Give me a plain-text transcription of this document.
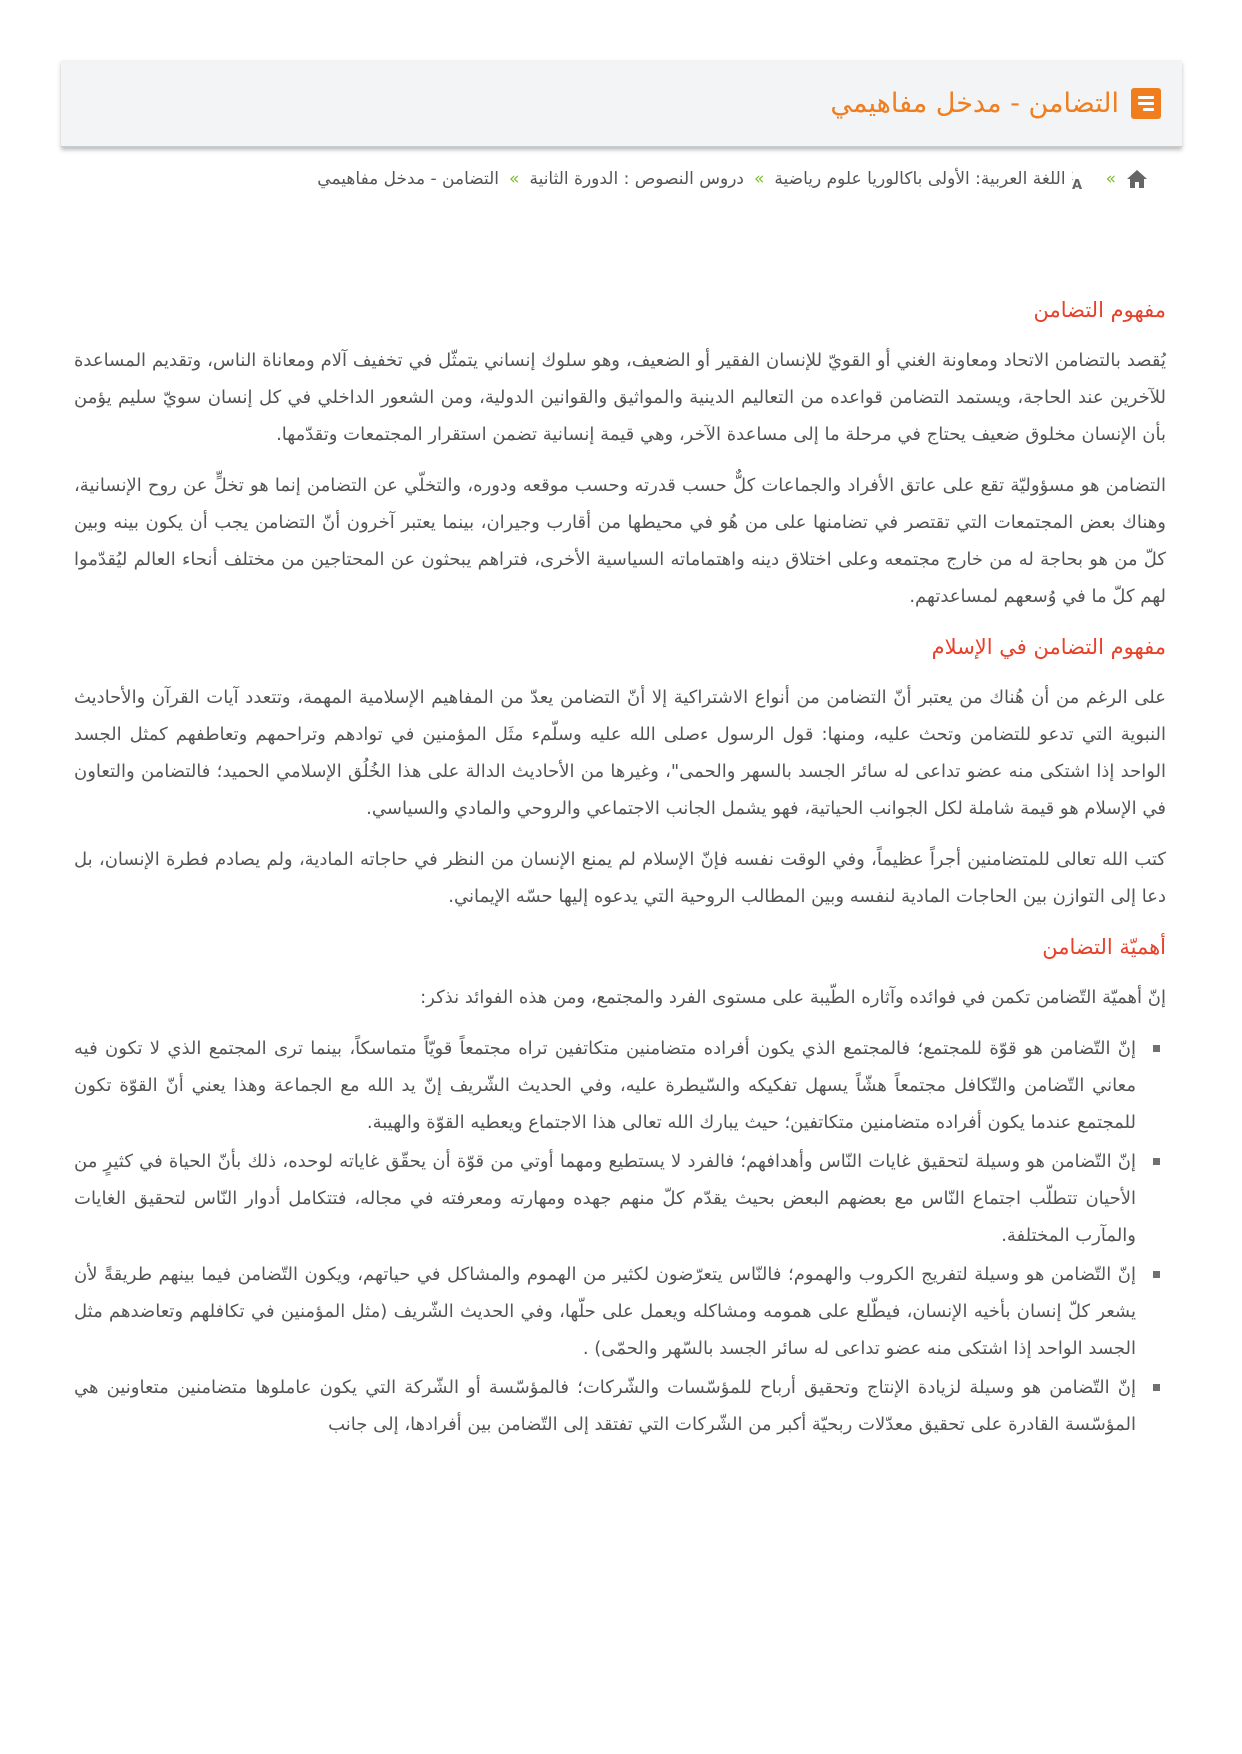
التضامن - مدخل مفاهيمي
»
A
اللغة العربية: الأولى باكالوريا علوم رياضية
»
دروس النصوص : الدورة الثانية
»
التضامن - مدخل مفاهيمي
مفهوم التضامن

يُقصد بالتضامن الاتحاد ومعاونة الغني أو القويّ للإنسان الفقير أو الضعيف، وهو سلوك إنساني يتمثّل في تخفيف آلام ومعاناة الناس، وتقديم المساعدة للآخرين عند الحاجة، ويستمد التضامن قواعده من التعاليم الدينية والمواثيق والقوانين الدولية، ومن الشعور الداخلي في كل إنسان سويّ سليم يؤمن بأن الإنسان مخلوق ضعيف يحتاج في مرحلة ما إلى مساعدة الآخر، وهي قيمة إنسانية تضمن استقرار المجتمعات وتقدّمها.

التضامن هو مسؤوليّة تقع على عاتق الأفراد والجماعات كلٌّ حسب قدرته وحسب موقعه ودوره، والتخلّي عن التضامن إنما هو تخلٍّ عن روح الإنسانية، وهناك بعض المجتمعات التي تقتصر في تضامنها على من هُو في محيطها من أقارب وجيران، بينما يعتبر آخرون أنّ التضامن يجب أن يكون بينه وبين كلّ من هو بحاجة له من خارج مجتمعه وعلى اختلاق دينه واهتماماته السياسية الأخرى، فتراهم يبحثون عن المحتاجين من مختلف أنحاء العالم ليُقدّموا لهم كلّ ما في وُسعهم لمساعدتهم.

مفهوم التضامن في الإسلام

على الرغم من أن هُناك من يعتبر أنّ التضامن من أنواع الاشتراكية إلا أنّ التضامن يعدّ من المفاهيم الإسلامية المهمة، وتتعدد آيات القرآن والأحاديث النبوية التي تدعو للتضامن وتحث عليه، ومنها: قول الرسول ءصلى الله عليه وسلّمء مثَل المؤمنين في توادهم وتراحمهم وتعاطفهم كمثل الجسد الواحد إذا اشتكى منه عضو تداعى له سائر الجسد بالسهر والحمى"، وغيرها من الأحاديث الدالة على هذا الخُلُق الإسلامي الحميد؛ فالتضامن والتعاون في الإسلام هو قيمة شاملة لكل الجوانب الحياتية، فهو يشمل الجانب الاجتماعي والروحي والمادي والسياسي.

كتب الله تعالى للمتضامنين أجراً عظيماً، وفي الوقت نفسه فإنّ الإسلام لم يمنع الإنسان من النظر في حاجاته المادية، ولم يصادم فطرة الإنسان، بل دعا إلى التوازن بين الحاجات المادية لنفسه وبين المطالب الروحية التي يدعوه إليها حسّه الإيماني.

أهميّة التضامن

إنّ أهميّة التّضامن تكمن في فوائده وآثاره الطّيبة على مستوى الفرد والمجتمع، ومن هذه الفوائد نذكر:

إنّ التّضامن هو قوّة للمجتمع؛ فالمجتمع الذي يكون أفراده متضامنين متكاتفين تراه مجتمعاً قويّاً متماسكاً، بينما ترى المجتمع الذي لا تكون فيه معاني التّضامن والتّكافل مجتمعاً هشّاً يسهل تفكيكه والسّيطرة عليه، وفي الحديث الشّريف إنّ يد الله مع الجماعة وهذا يعني أنّ القوّة تكون للمجتمع عندما يكون أفراده متضامنين متكاتفين؛ حيث يبارك الله تعالى هذا الاجتماع ويعطيه القوّة والهيبة.
إنّ التّضامن هو وسيلة لتحقيق غايات النّاس وأهدافهم؛ فالفرد لا يستطيع ومهما أوتي من قوّة أن يحقّق غاياته لوحده، ذلك بأنّ الحياة في كثيرٍ من الأحيان تتطلّب اجتماع النّاس مع بعضهم البعض بحيث يقدّم كلّ منهم جهده ومهارته ومعرفته في مجاله، فتتكامل أدوار النّاس لتحقيق الغايات والمآرب المختلفة.
إنّ التّضامن هو وسيلة لتفريج الكروب والهموم؛ فالنّاس يتعرّضون لكثير من الهموم والمشاكل في حياتهم، ويكون التّضامن فيما بينهم طريقةً لأن يشعر كلّ إنسان بأخيه الإنسان، فيطّلع على همومه ومشاكله ويعمل على حلّها، وفي الحديث الشّريف (مثل المؤمنين في تكافلهم وتعاضدهم مثل الجسد الواحد إذا اشتكى منه عضو تداعى له سائر الجسد بالسّهر والحمّى) .
إنّ التّضامن هو وسيلة لزيادة الإنتاج وتحقيق أرباح للمؤسّسات والشّركات؛ فالمؤسّسة أو الشّركة التي يكون عاملوها متضامنين متعاونين هي المؤسّسة القادرة على تحقيق معدّلات ربحيّة أكبر من الشّركات التي تفتقد إلى التّضامن بين أفرادها، إلى جانب
